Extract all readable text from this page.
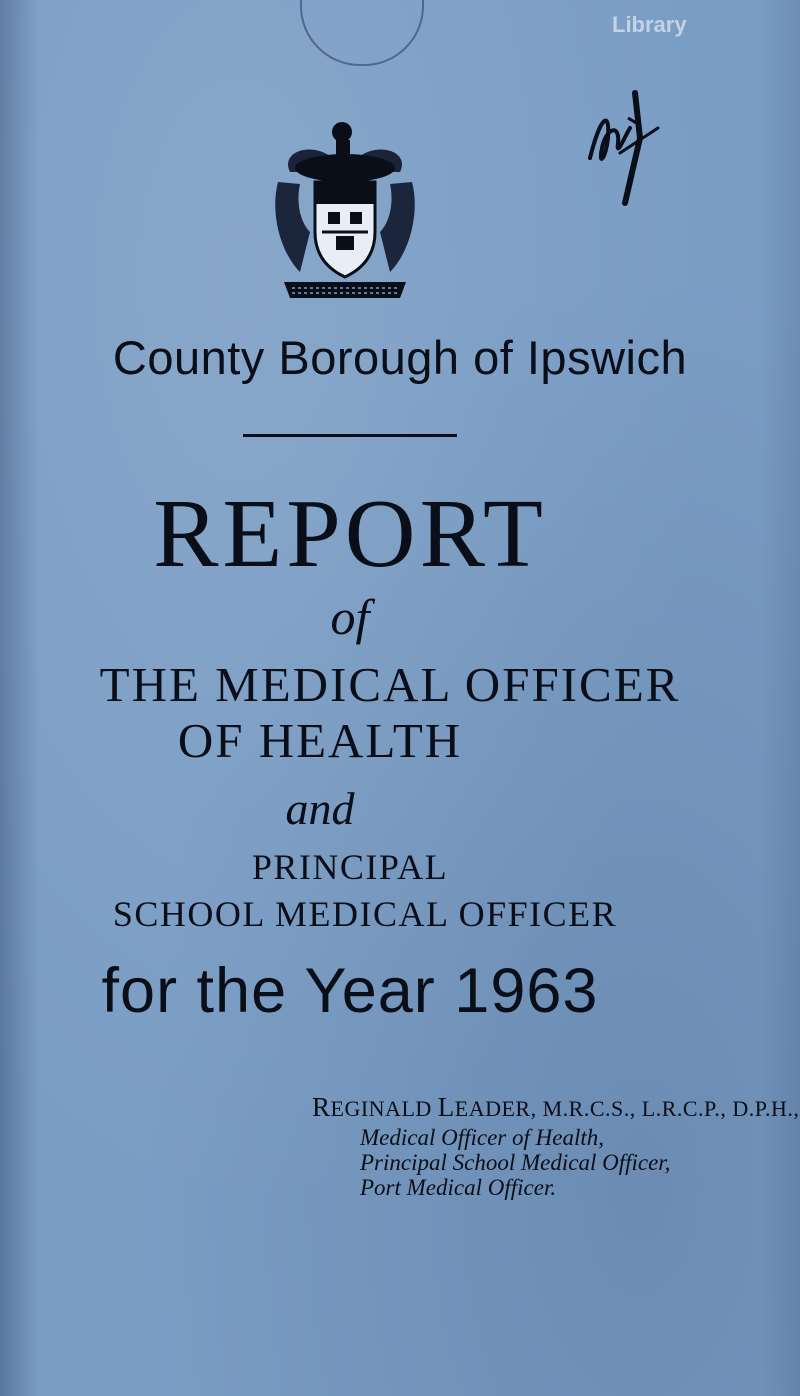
Library
County Borough of Ipswich
REPORT
of
THE MEDICAL OFFICER
OF HEALTH
and
PRINCIPAL
SCHOOL MEDICAL OFFICER
for the Year 1963
REGINALD LEADER, M.R.C.S., L.R.C.P., D.P.H.,
Medical Officer of Health,
Principal School Medical Officer,
Port Medical Officer.
